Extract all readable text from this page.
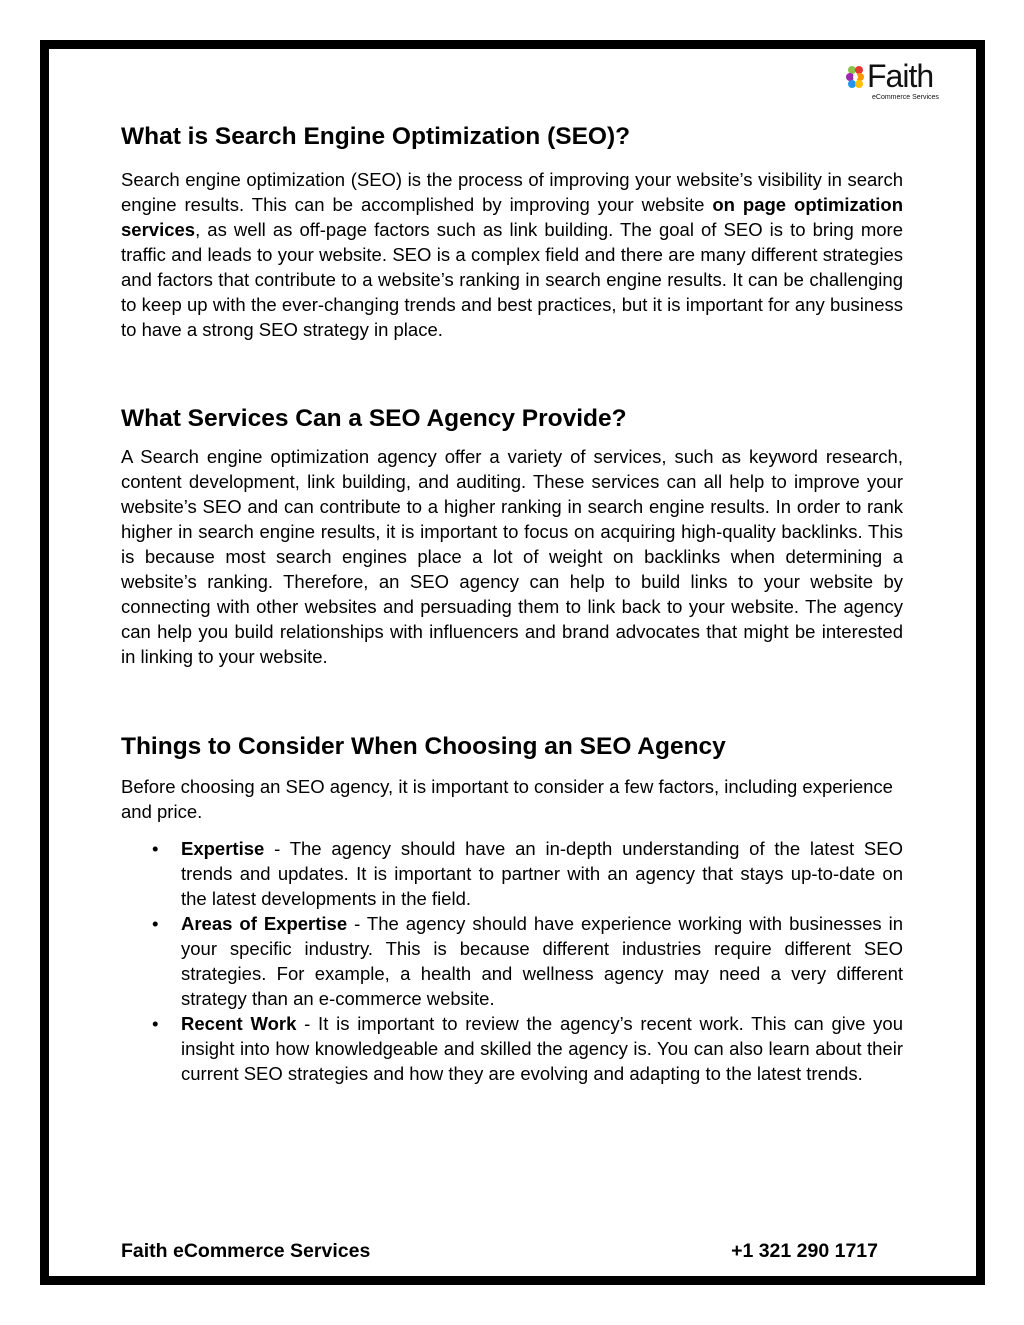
Faith
eCommerce Services
What is Search Engine Optimization (SEO)?

Search engine optimization (SEO) is the process of improving your website’s visibility in search engine results. This can be accomplished by improving your website on page optimization services, as well as off-page factors such as link building. The goal of SEO is to bring more traffic and leads to your website. SEO is a complex field and there are many different strategies and factors that contribute to a website’s ranking in search engine results. It can be challenging to keep up with the ever-changing trends and best practices, but it is important for any business to have a strong SEO strategy in place.

What Services Can a SEO Agency Provide?

A Search engine optimization agency offer a variety of services, such as keyword research, content development, link building, and auditing. These services can all help to improve your website’s SEO and can contribute to a higher ranking in search engine results. In order to rank higher in search engine results, it is important to focus on acquiring high-quality backlinks. This is because most search engines place a lot of weight on backlinks when determining a website’s ranking. Therefore, an SEO agency can help to build links to your website by connecting with other websites and persuading them to link back to your website. The agency can help you build relationships with influencers and brand advocates that might be interested in linking to your website.

Things to Consider When Choosing an SEO Agency

Before choosing an SEO agency, it is important to consider a few factors, including experience and price.

• Expertise - The agency should have an in-depth understanding of the latest SEO trends and updates. It is important to partner with an agency that stays up-to-date on the latest developments in the field.
• Areas of Expertise - The agency should have experience working with businesses in your specific industry. This is because different industries require different SEO strategies. For example, a health and wellness agency may need a very different strategy than an e-commerce website.
• Recent Work - It is important to review the agency’s recent work. This can give you insight into how knowledgeable and skilled the agency is. You can also learn about their current SEO strategies and how they are evolving and adapting to the latest trends.
Faith eCommerce Services	+1 321 290 1717
